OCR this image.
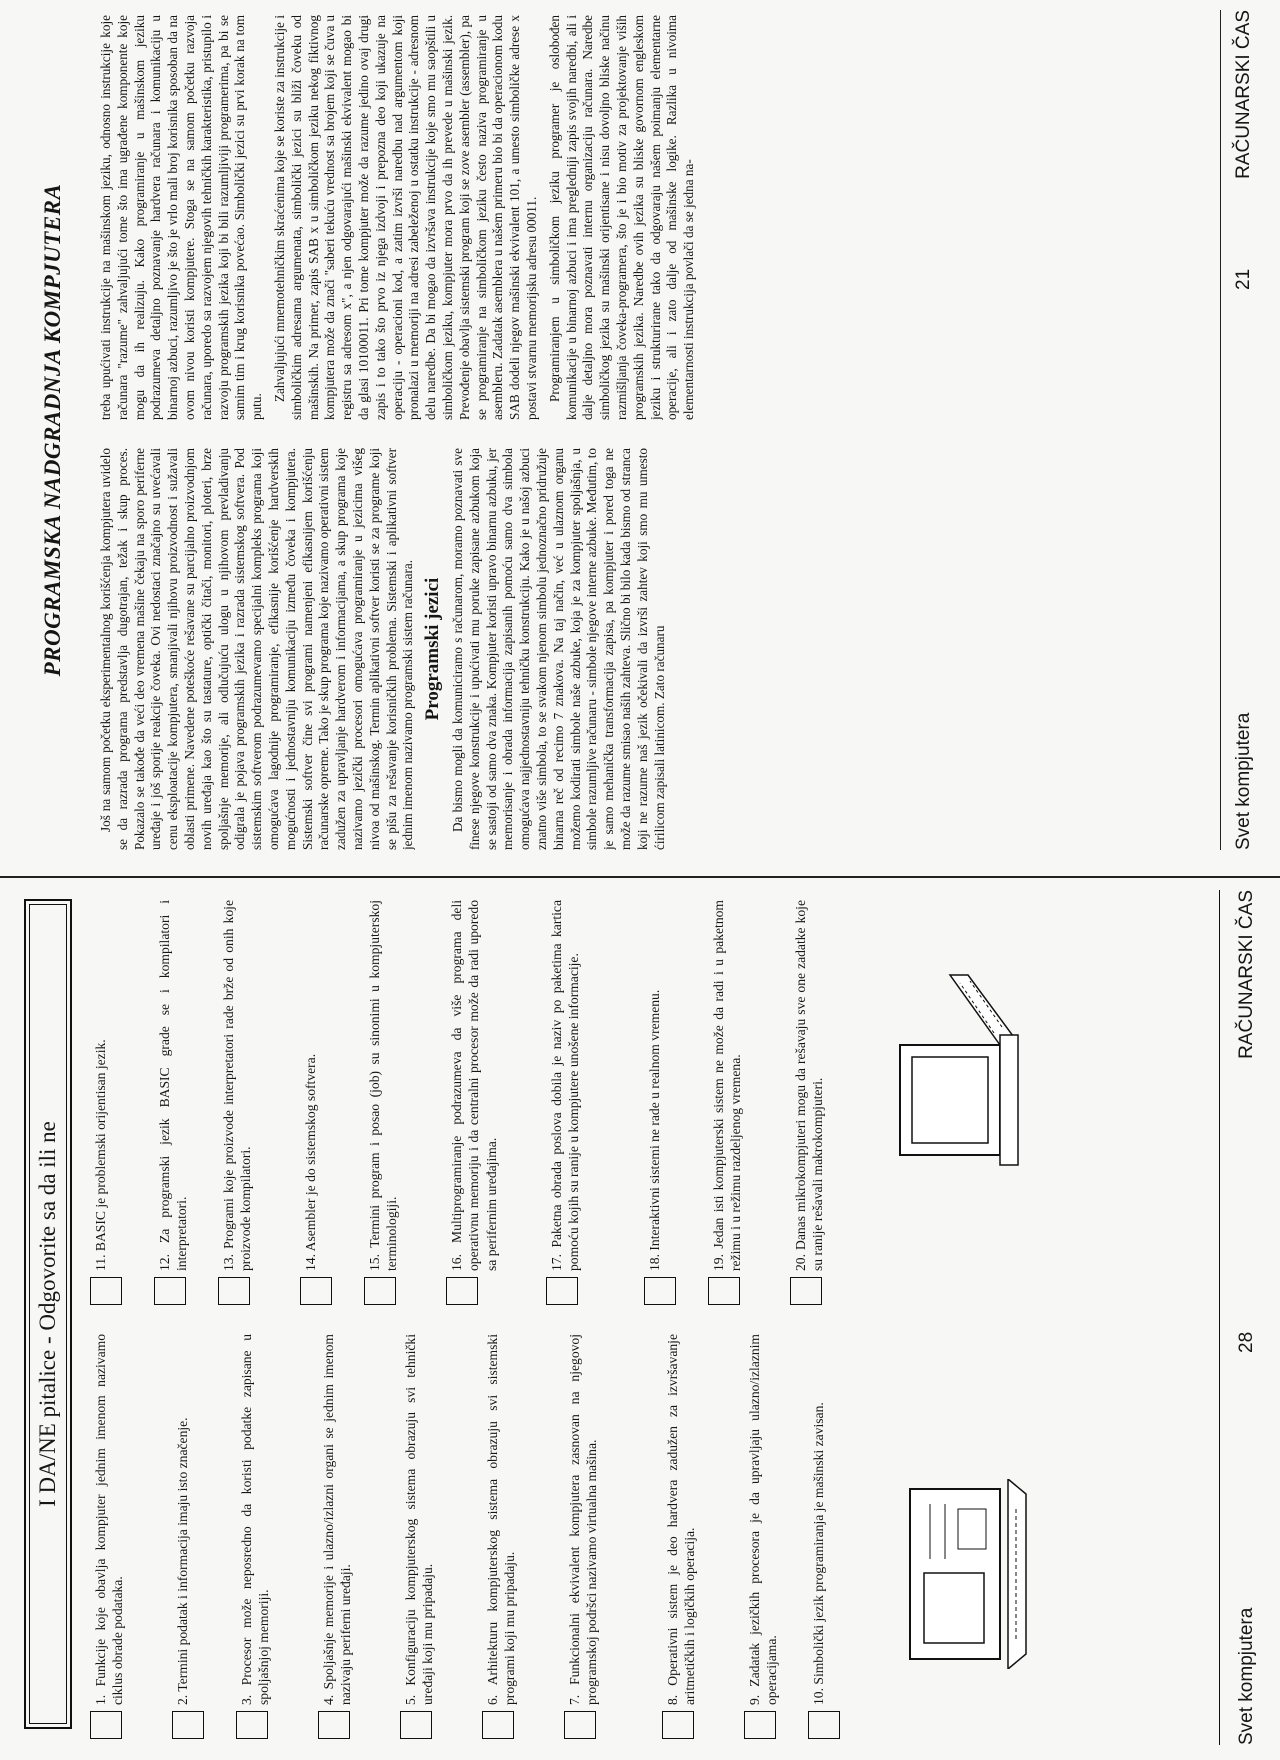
PROGRAMSKA NADGRADNJA KOMPJUTERA	Još na samom početku eksperimentalnog korišćenja kompjutera uvidelo se da razrada programa predstavlja dugotrajan, težak i skup proces. Pokazalo se takođe da veći deo vremena mašine čekaju na sporo periferne uređaje i još sporije reakcije čoveka. Ovi nedostaci značajno su uvećavali cenu eksploatacije kompjutera, smanjivali njihovu proizvodnost i sužavali oblasti primene. Navedene poteškoće rešavane su parcijalno proizvodnjom novih uređaja kao što su tastature, optički čitači, monitori, ploteri, brze spoljašnje memorije, ali odlučujuću ulogu u njihovom prevladivanju odigrala je pojava programskih jezika i razrada sistemskog softvera. Pod sistemskim softverom podrazumevamo specijalni kompleks programa koji omogućava lagodnije programiranje, efikasnije korišćenje hardverskih mogućnosti i jednostavniju komunikaciju između čoveka i kompjutera. Sistemski softver čine svi programi namenjeni efikasnijem korišćenju računarske opreme. Tako je skup programa koje nazivamo operativni sistem zadužen za upravljanje hardverom i informacijama, a skup programa koje nazivamo jezički procesori omogućava programiranje u jezicima višeg nivoa od mašinskog. Termin aplikativni softver koristi se za programe koji se pišu za rešavanje korisničkih problema. Sistemski i aplikativni softver jednim imenom nazivamo programski sistem računara. Programski jezici Da bismo mogli da komuniciramo s računarom, moramo poznavati sve finese njegove konstrukcije i upućivati mu poruke zapisane azbukom koja se sastoji od samo dva znaka. Kompjuter koristi upravo binarnu azbuku, jer memorisanje i obrada informacija zapisanih pomoću samo dva simbola omogućava najjednostavniju tehničku konstrukciju. Kako je u našoj azbuci znatno više simbola, to se svakom njenom simbolu jednoznačno pridružuje binarna reč od recimo 7 znakova. Na taj način, već u ulaznom organu možemo kodirati simbole naše azbuke, koja je za kompjuter spoljašnja, u simbole razumljive računaru - simbole njegove interne azbuke. Međutim, to je samo mehanička transformacija zapisa, pa kompjuter i pored toga ne može da razume smisao naših zahteva. Slično bi bilo kada bismo od stranca koji ne razume naš jezik očekivali da izvrši zahtev koji smo mu umesto ćirilicom zapisali latinicom. Zato računaru

treba upućivati instrukcije na mašinskom jeziku, odnosno instrukcije koje računara "razume" zahvaljujući tome što ima ugrađene komponente koje mogu da ih realizuju. Kako programiranje u mašinskom jeziku podrazumeva detaljno poznavanje hardvera računara i komunikaciju u binarnoj azbuci, razumljivo je što je vrlo mali broj korisnika sposoban da na ovom nivou koristi kompjutere. Stoga se na samom početku razvoja računara, uporedo sa razvojem njegovih tehničkih karakteristika, pristupilo i razvoju programskih jezika koji bi bili razumljiviji programerima, pa bi se samim tim i krug korisnika povećao. Simbolički jezici su prvi korak na tom putu.

Zahvaljujući mnemotehničkim skraćenima koje se koriste za instrukcije i simboličkim adresama argumenata, simbolički jezici su bliži čoveku od mašinskih. Na primer, zapis SAB x u simboličkom jeziku nekog fiktivnog kompjutera može da znači "saberi tekuću vrednost sa brojem koji se čuva u registru sa adresom x", a njen odgovarajući mašinski ekvivalent mogao bi da glasi 10100011. Pri tome kompjuter može da razume jedino ovaj drugi zapis i to tako što prvo iz njega izdvoji i prepozna deo koji ukazuje na operaciju - operacioni kod, a zatim izvrši naredbu nad argumentom koji pronalazi u memoriji na adresi zabeleženoj u ostatku instrukcije - adresnom delu naredbe. Da bi mogao da izvršava instrukcije koje smo mu saopštili u simboličkom jeziku, kompjuter mora prvo da ih prevede u mašinski jezik. Prevođenje obavlja sistemski program koji se zove asembler (assembler), pa se programiranje na simboličkom jeziku često naziva programiranje u asembleru. Zadatak asemblera u našem primeru bio bi da operacionom kodu SAB dodeli njegov mašinski ekvivalent 101, a umesto simboličke adrese x postavi stvarnu memorijsku adresu 00011. Programiranjem u simboličkom jeziku programer je oslobođen komunikacije u binarnoj azbuci i ima pregledniji zapis svojih naredbi, ali i dalje detaljno mora poznavati internu organizaciju računara. Naredbe simboličkog jezika su mašinski orijentisane i nisu dovoljno bliske načinu razmišljanja čoveka-programera, što je i bio motiv za projektovanje viših programskih jezika. Naredbe ovih jezika su bliske govornom engleskom jeziku i strukturirane tako da odgovaraju našem poimanju elementarne operacije, ali i zato dalje od mašinske logike. Razlika u nivoima elementarnosti instrukcija povlači da se jedna na-

Svet kompjutera
21
RAČUNARSKI ČAS
I DA/NE pitalice - Odgovorite sa da ili ne
1. Funkcije koje obavlja kompjuter jednim imenom nazivamo ciklus obrade podataka.	2. Termini podatak i informacija imaju isto značenje.	3. Procesor može neposredno da koristi podatke zapisane u spoljašnjoj memoriji.	4. Spoljašnje memorije i ulazno/izlazni organi se jednim imenom nazivaju periferni uređaji.	5. Konfiguraciju kompjuterskog sistema obrazuju svi tehnički uređaji koji mu pripadaju.	6. Arhitekturu kompjuterskog sistema obrazuju svi sistemski programi koji mu pripadaju.	7. Funkcionalni ekvivalent kompjutera zasnovan na njegovoj programskoj podršci nazivamo virtualna mašina.	8. Operativni sistem je deo hardvera zadužen za izvršavanje aritmetičkih i logičkih operacija.	9. Zadatak jezičkih procesora je da upravljaju ulazno/izlaznim operacijama. 10. Simbolički jezik programiranja je mašinski zavisan.
11. BASIC je problemski orijentisan jezik.	12. Za programski jezik BASIC grade se i kompilatori i interpretatori. 13. Programi koje proizvode interpretatori rade brže od onih koje proizvode kompilatori.	14. Asembler je do sistemskog softvera.	15. Termini program i posao (job) su sinonimi u kompjuterskoj terminologiji.	16. Multiprogramiranje podrazumeva da više programa deli operativnu memoriju i da centralni procesor može da radi uporedo sa perifernim uređajima.	17. Paketna obrada poslova dobila je naziv po paketima kartica pomoću kojih su ranije u kompjutere unošene informacije.	18. Interaktivni sistemi ne rade u realnom vremenu.	19. Jedan isti kompjuterski sistem ne može da radi i u paketnom režimu i u režimu razdeljenog vremena.	20. Danas mikrokompjuteri mogu da rešavaju sve one zadatke koje su ranije rešavali makrokompjuteri.
Svet kompjutera
28
RAČUNARSKI ČAS
